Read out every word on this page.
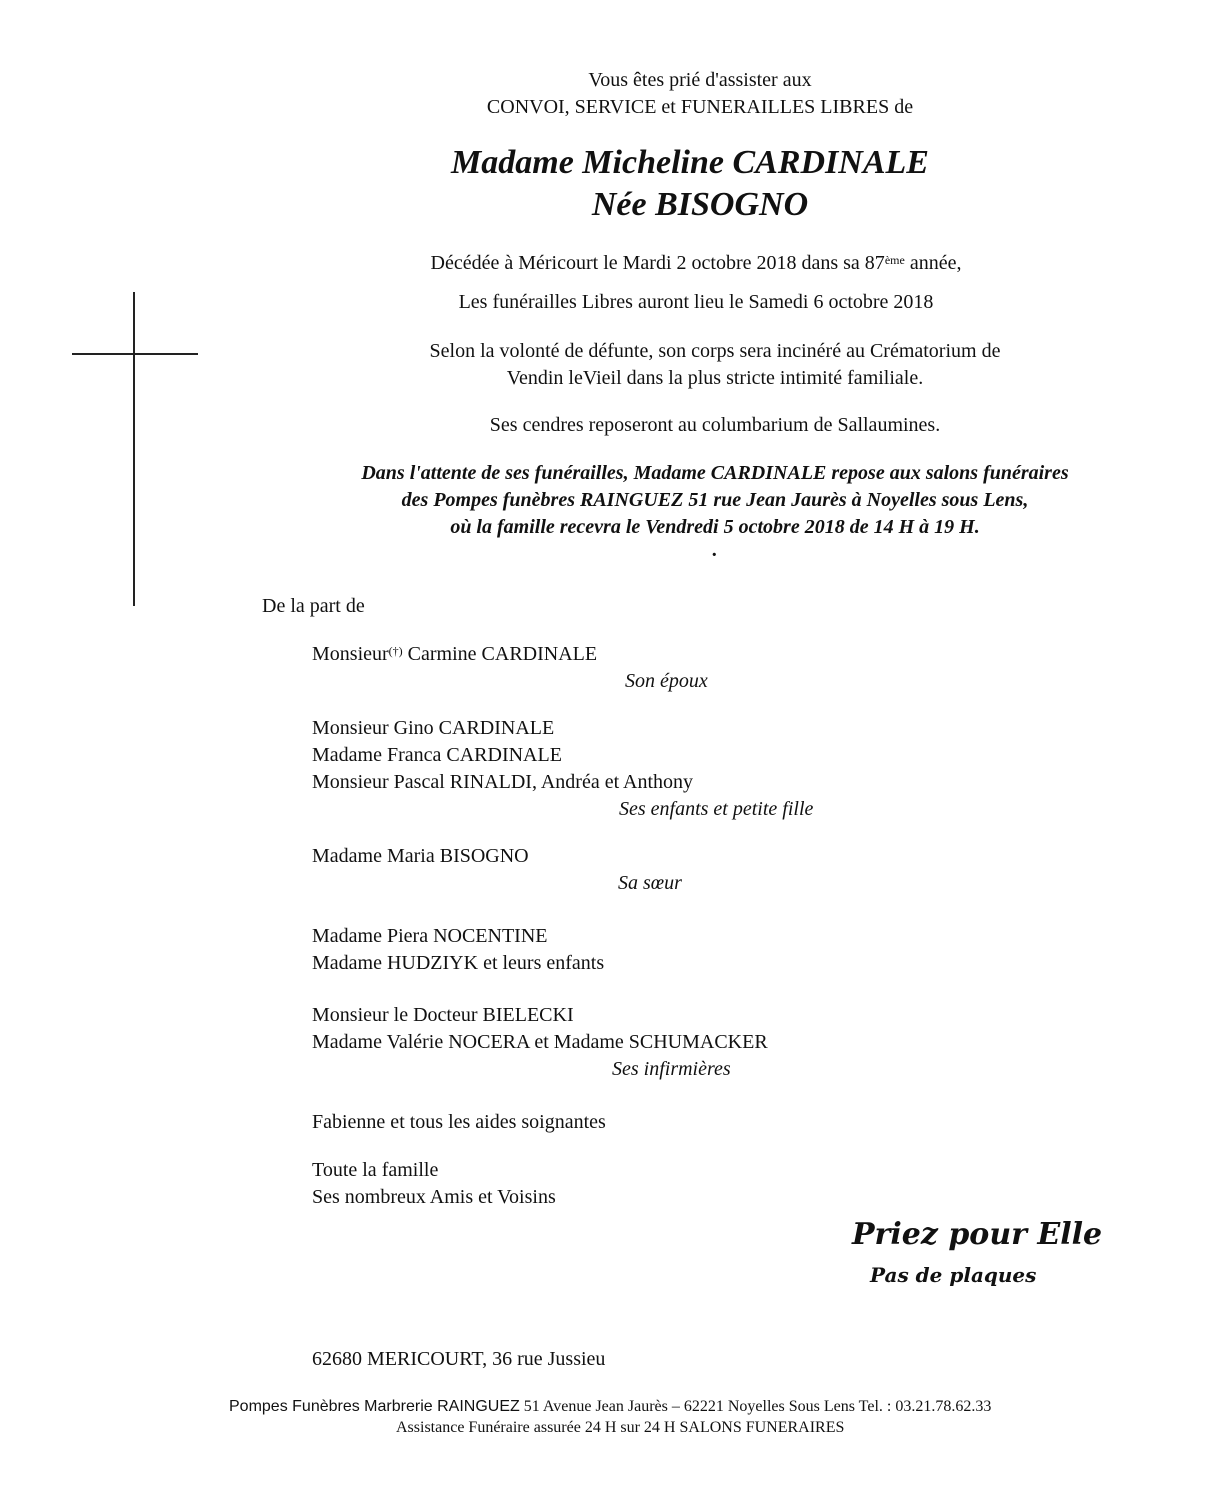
Vous êtes prié d'assister aux
CONVOI, SERVICE et FUNERAILLES LIBRES de
Madame Micheline CARDINALE
Née BISOGNO
Décédée à Méricourt le Mardi 2 octobre 2018 dans sa 87ème année,
Les funérailles Libres auront lieu le Samedi 6 octobre 2018
Selon la volonté de défunte, son corps sera incinéré au Crématorium de
Vendin leVieil dans la plus stricte intimité familiale.
Ses cendres reposeront au columbarium de Sallaumines.
Dans l'attente de ses funérailles, Madame CARDINALE repose aux salons funéraires
des Pompes funèbres RAINGUEZ 51 rue Jean Jaurès à Noyelles sous Lens,
où la famille recevra le Vendredi 5 octobre 2018 de 14 H à 19 H.
.
De la part de
Monsieur(†) Carmine CARDINALE
Son époux
Monsieur Gino CARDINALE
Madame Franca CARDINALE
Monsieur Pascal RINALDI, Andréa et Anthony
Ses enfants et petite fille
Madame Maria BISOGNO
Sa sœur
Madame Piera NOCENTINE
Madame HUDZIYK et leurs enfants
Monsieur le Docteur BIELECKI
Madame Valérie NOCERA et Madame SCHUMACKER
Ses infirmières
Fabienne et tous les aides soignantes
Toute la famille
Ses nombreux Amis et Voisins
Priez pour Elle
Pas de plaques
62680 MERICOURT, 36 rue Jussieu
Pompes Funèbres Marbrerie RAINGUEZ 51 Avenue Jean Jaurès – 62221 Noyelles Sous Lens Tel. : 03.21.78.62.33
Assistance Funéraire assurée 24 H sur 24 H SALONS FUNERAIRES
